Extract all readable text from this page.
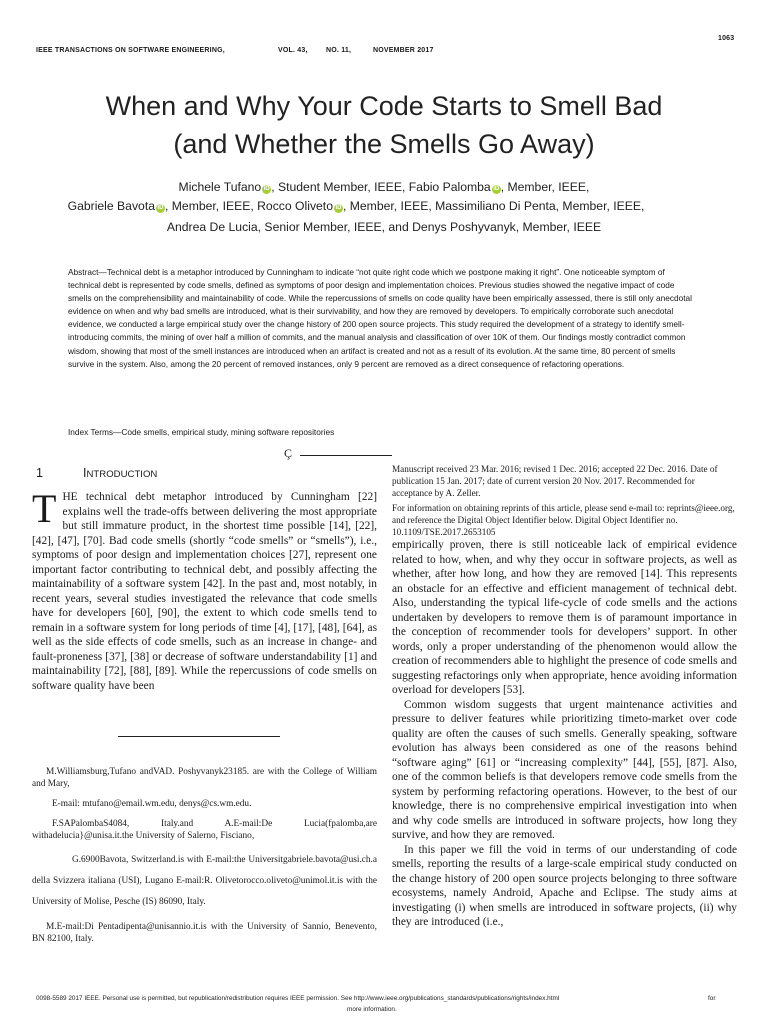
1063
IEEE TRANSACTIONS ON SOFTWARE ENGINEERING,	VOL. 43,	NO. 11,	NOVEMBER 2017
When and Why Your Code Starts to Smell Bad
(and Whether the Smells Go Away)
Michele Tufano iD , Student Member, IEEE, Fabio Palomba iD , Member, IEEE,
Gabriele Bavota iD , Member, IEEE, Rocco Oliveto iD , Member, IEEE, Massimiliano Di Penta, Member, IEEE,
Andrea De Lucia, Senior Member, IEEE, and Denys Poshyvanyk, Member, IEEE
Abstract—Technical debt is a metaphor introduced by Cunningham to indicate “not quite right code which we postpone making it right”. One noticeable symptom of technical debt is represented by code smells, defined as symptoms of poor design and implementation choices. Previous studies showed the negative impact of code smells on the comprehensibility and maintainability of code. While the repercussions of smells on code quality have been empirically assessed, there is still only anecdotal evidence on when and why bad smells are introduced, what is their survivability, and how they are removed by developers. To empirically corroborate such anecdotal evidence, we conducted a large empirical study over the change history of 200 open source projects. This study required the development of a strategy to identify smell-introducing commits, the mining of over half a million of commits, and the manual analysis and classification of over 10K of them. Our findings mostly contradict common wisdom, showing that most of the smell instances are introduced when an artifact is created and not as a result of its evolution. At the same time, 80 percent of smells survive in the system. Also, among the 20 percent of removed instances, only 9 percent are removed as a direct consequence of refactoring operations.
Index Terms—Code smells, empirical study, mining software repositories
Ç
1	INTRODUCTION
THE technical debt metaphor introduced by Cunningham [22] explains well the trade-offs between delivering the most appropriate but still immature product, in the shortest time possible [14], [22], [42], [47], [70]. Bad code smells (shortly “code smells” or “smells”), i.e., symptoms of poor design and implementation choices [27], represent one important factor contributing to technical debt, and possibly affecting the maintainability of a software system [42]. In the past and, most notably, in recent years, several studies investigated the relevance that code smells have for developers [60], [90], the extent to which code smells tend to remain in a software system for long periods of time [4], [17], [48], [64], as well as the side effects of code smells, such as an increase in change- and fault-proneness [37], [38] or decrease of software understandability [1] and maintainability [72], [88], [89]. While the repercussions of code smells on software quality have been

M.Williamsburg,Tufano andVAD. Poshyvanyk23185. are with the College of William and Mary,

E-mail: mtufano@email.wm.edu, denys@cs.wm.edu.

F.SAPalombaS4084, Italy.and A.E-mail:De Lucia(fpalomba,are withadelucia}@unisa.it.the University of Salerno, Fisciano,

G.6900Bavota, Switzerland.is with E-mail:the Universitgabriele.bavota@usi.ch.a della Svizzera italiana (USI), Lugano E-mail:R. Olivetorocco.oliveto@unimol.it.is with the University of Molise, Pesche (IS) 86090, Italy.

M.E-mail:Di Pentadipenta@unisannio.it.is with the University of Sannio, Benevento, BN 82100, Italy.

Manuscript received 23 Mar. 2016; revised 1 Dec. 2016; accepted 22 Dec. 2016. Date of publication 15 Jan. 2017; date of current version 20 Nov. 2017. Recommended for acceptance by A. Zeller.
For information on obtaining reprints of this article, please send e-mail to: reprints@ieee.org, and reference the Digital Object Identifier below. Digital Object Identifier no. 10.1109/TSE.2017.2653105

empirically proven, there is still noticeable lack of empirical evidence related to how, when, and why they occur in software projects, as well as whether, after how long, and how they are removed [14]. This represents an obstacle for an effective and efficient management of technical debt. Also, understanding the typical life-cycle of code smells and the actions undertaken by developers to remove them is of paramount importance in the conception of recommender tools for developers’ support. In other words, only a proper understanding of the phenomenon would allow the creation of recommenders able to highlight the presence of code smells and suggesting refactorings only when appropriate, hence avoiding information overload for developers [53].

Common wisdom suggests that urgent maintenance activities and pressure to deliver features while prioritizing timeto-market over code quality are often the causes of such smells. Generally speaking, software evolution has always been considered as one of the reasons behind “software aging” [61] or “increasing complexity” [44], [55], [87]. Also, one of the common beliefs is that developers remove code smells from the system by performing refactoring operations. However, to the best of our knowledge, there is no comprehensive empirical investigation into when and why code smells are introduced in software projects, how long they survive, and how they are removed.

In this paper we fill the void in terms of our understanding of code smells, reporting the results of a large-scale empirical study conducted on the change history of 200 open source projects belonging to three software ecosystems, namely Android, Apache and Eclipse. The study aims at investigating (i) when smells are introduced in software projects, (ii) why they are introduced (i.e.,

0098-5589 2017 IEEE. Personal use is permitted, but republication/redistribution requires IEEE permission. See http://www.ieee.org/publications_standards/publications/rights/index.html	for
more information.
